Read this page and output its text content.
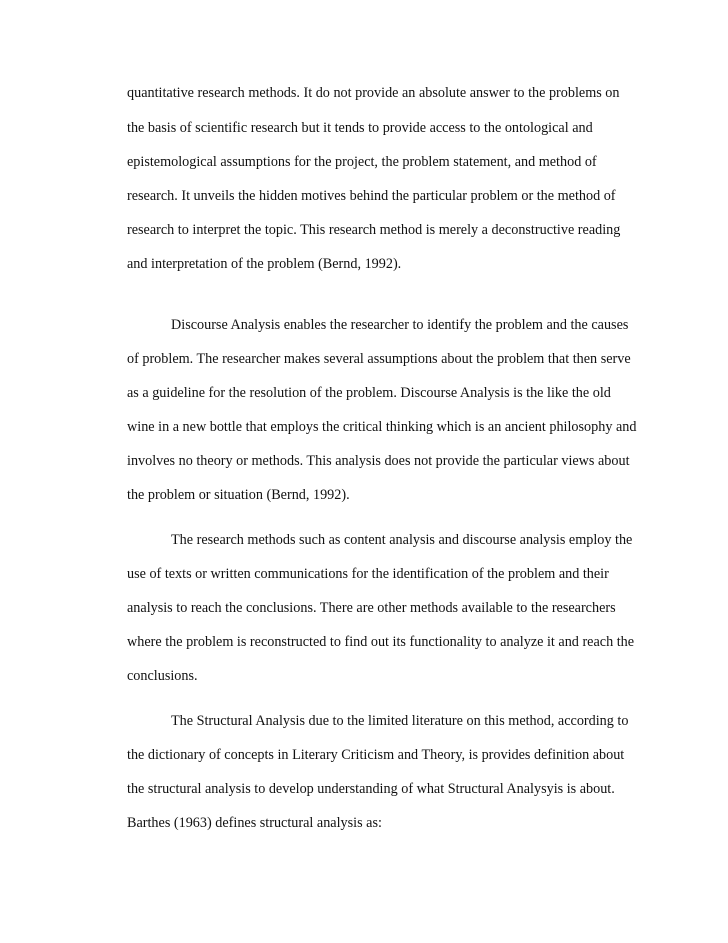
quantitative research methods. It do not provide an absolute answer to the problems on

the basis of scientific research but it tends to provide access to the ontological and

epistemological assumptions for the project, the problem statement, and method of

research. It unveils the hidden motives behind the particular problem or the method of

research to interpret the topic. This research method is merely a deconstructive reading

and interpretation of the problem (Bernd, 1992).

Discourse Analysis enables the researcher to identify the problem and the causes

of problem. The researcher makes several assumptions about the problem that then serve

as a guideline for the resolution of the problem. Discourse Analysis is the like the old

wine in a new bottle that employs the critical thinking which is an ancient philosophy and

involves no theory or methods. This analysis does not provide the particular views about

the problem or situation (Bernd, 1992).

The research methods such as content analysis and discourse analysis employ the

use of texts or written communications for the identification of the problem and their

analysis to reach the conclusions. There are other methods available to the researchers

where the problem is reconstructed to find out its functionality to analyze it and reach the

conclusions.

The Structural Analysis due to the limited literature on this method, according to

the dictionary of concepts in Literary Criticism and Theory, is provides definition about

the structural analysis to develop understanding of what Structural Analysyis is about.

Barthes (1963) defines structural analysis as:
